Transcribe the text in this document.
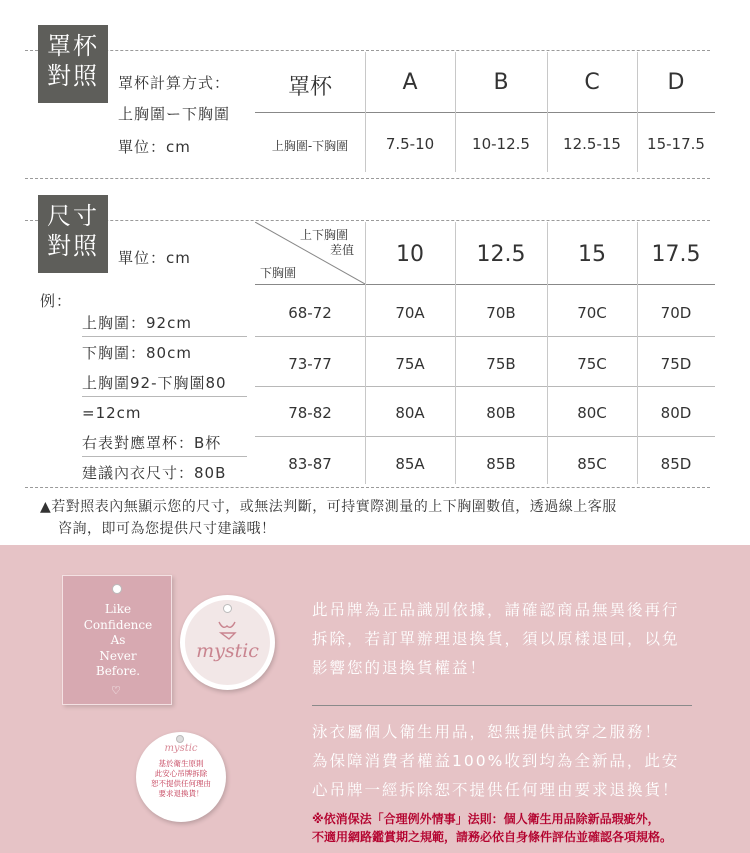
罩杯
對照 罩杯計算方式：
上胸圍ー下胸圍
單位：cm
罩杯	A	B	C	D
上胸圍-下胸圍	7.5-10	10-12.5	12.5-15	15-17.5
尺寸
對照 單位：cm
上下胸圍
差值
下胸圍
10	12.5	15	17.5
68-72	70A	70B	70C	70D
73-77	75A	75B	75C	75D
78-82	80A	80B	80C	80D
83-87	85A	85B	85C	85D
例：
上胸圍：92cm
下胸圍：80cm
上胸圍92-下胸圍80
=12cm
右表對應罩杯：B杯
建議內衣尺寸：80B
▲若對照表內無顯示您的尺寸，或無法判斷，可持實際測量的上下胸圍數值，透過線上客服
咨詢，即可為您提供尺寸建議哦！
Like
Confidence
As
Never
Before.
♡
mystic
mystic
基於衛生原則
此安心吊牌拆除
恕不提供任何理由
要求退換貨！
此吊牌為正品識別依據，請確認商品無異後再行
拆除，若訂單辦理退換貨，須以原樣退回，以免
影響您的退換貨權益！
泳衣屬個人衛生用品，恕無提供試穿之服務！
為保障消費者權益100%收到均為全新品，此安
心吊牌一經拆除恕不提供任何理由要求退換貨！
※依消保法「合理例外情事」法則：個人衛生用品除新品瑕疵外，
不適用網路鑑賞期之規範，請務必依自身條件評估並確認各項規格。
